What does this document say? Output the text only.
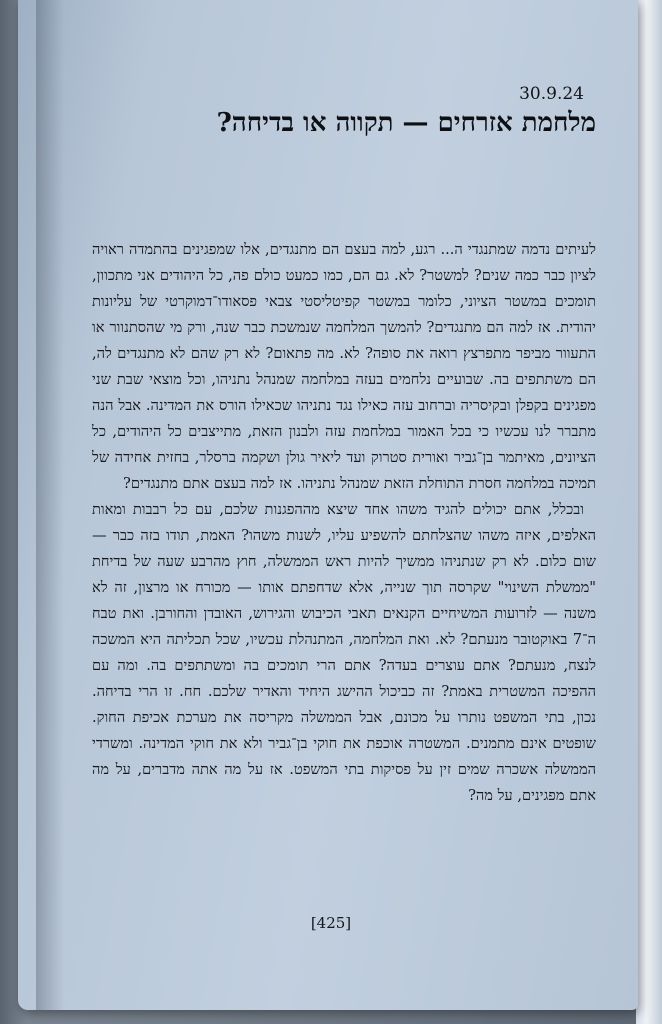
30.9.24
מלחמת אזרחים — תקווה או בדיחה?

לעיתים נדמה שמתנגדי ה... רגע, למה בעצם הם מתנגדים, אלו שמפגינים בהתמדה ראויה לציון כבר כמה שנים? למשטר? לא. גם הם, כמו כמעט כולם פה, כל היהודים אני מתכוון, תומכים במשטר הציוני, כלומר במשטר קפיטליסטי צבאי פסאודו־דמוקרטי של עליונות יהודית. אז למה הם מתנגדים? להמשך המלחמה שנמשכת כבר שנה, ורק מי שהסתנוור או התעוור מביפר מתפרצץ רואה את סופה? לא. מה פתאום? לא רק שהם לא מתנגדים לה, הם משתתפים בה. שבועיים נלחמים בעזה במלחמה שמנהל נתניהו, וכל מוצאי שבת שני מפגינים בקפלן ובקיסריה וברחוב עזה כאילו נגד נתניהו שכאילו הורס את המדינה. אבל הנה מתברר לנו עכשיו כי בכל האמור במלחמת עזה ולבנון הזאת, מתייצבים כל היהודים, כל הציונים, מאיתמר בן־גביר ואורית סטרוק ועד ליאיר גולן ושקמה ברסלר, בחזית אחידה של תמיכה במלחמה חסרת התוחלת הזאת שמנהל נתניהו. אז למה בעצם אתם מתנגדים?

ובכלל, אתם יכולים להגיד משהו אחד שיצא מההפגנות שלכם, עם כל רבבות ומאות האלפים, איזה משהו שהצלחתם להשפיע עליו, לשנות משהו? האמת, תודו בזה כבר — שום כלום. לא רק שנתניהו ממשיך להיות ראש הממשלה, חוץ מהרבע שעה של בדיחת "ממשלת השינוי" שקרסה תוך שנייה, אלא שדחפתם אותו — מכורח או מרצון, זה לא משנה — לזרועות המשיחיים הקנאים תאבי הכיבוש והגירוש, האובדן והחורבן. ואת טבח ה־7 באוקטובר מנעתם? לא. ואת המלחמה, המתנהלת עכשיו, שכל תכליתה היא המשכה לנצח, מנעתם? אתם עוצרים בעדה? אתם הרי תומכים בה ומשתתפים בה. ומה עם ההפיכה המשטרית באמת? זה כביכול ההישג היחיד והאדיר שלכם. חח. זו הרי בדיחה. נכון, בתי המשפט נותרו על מכונם, אבל הממשלה מקריסה את מערכת אכיפת החוק. שופטים אינם מתמנים. המשטרה אוכפת את חוקי בן־גביר ולא את חוקי המדינה. ומשרדי הממשלה אשכרה שמים זין על פסיקות בתי המשפט. אז על מה אתה מדברים, על מה אתם מפגינים, על מה?

[425]
